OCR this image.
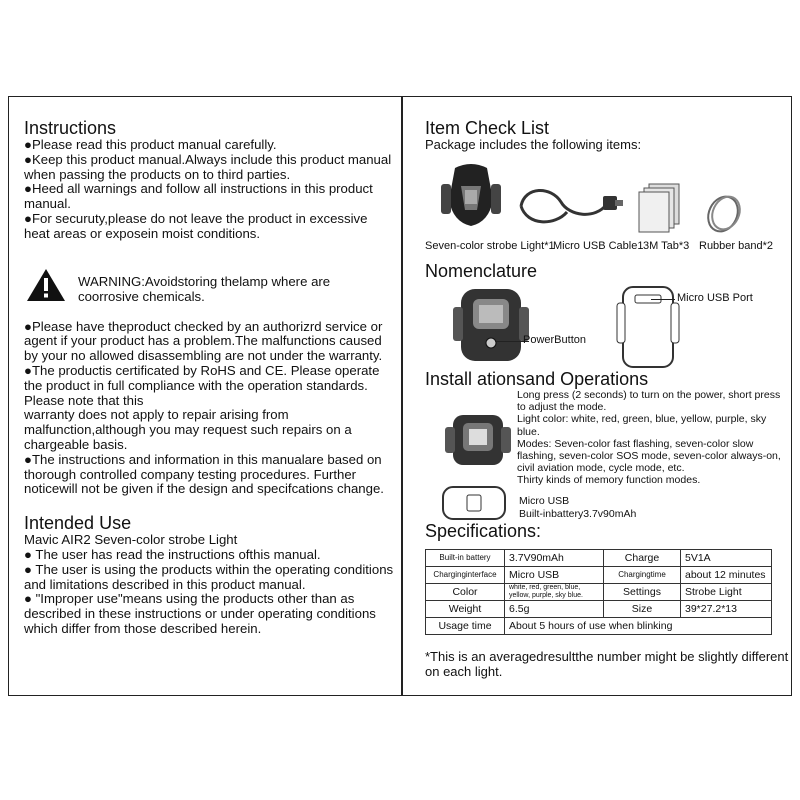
Instructions

●Please read this product manual carefully.

●Keep this product manual.Always include this product manual when passing the products on to third parties.

●Heed all warnings and follow all instructions in this product manual.

●For securuty,please do not leave the product in excessive heat areas or exposein moist conditions.

WARNING:Avoidstoring thelamp where are coorrosive chemicals.

●Please have theproduct checked by an authorizrd service or agent if your product has a problem.The malfunctions caused by your no allowed disassembling are not under the warranty.

●The productis certificated by RoHS and CE. Please operate the product in full compliance with the operation standards. Please note that this

warranty does not apply to repair arising from malfunction,although you may request such repairs on a chargeable basis.

●The instructions and information in this manualare based on thorough controlled company testing procedures. Further noticewill not be given if the design and specifcations change.

Intended Use

Mavic AIR2 Seven-color strobe Light

● The user has read the instructions ofthis manual.

● The user is using the products within the operating conditions and limitations described in this product manual.

● "Improper use"means using the products other than as described in these instructions or under operating conditions which differ from those described herein.

Item Check List

Package includes the following items:

Seven-color strobe Light*1
Micro USB Cable1 3M Tab*3 Rubber band*2
Nomenclature
PowerButton
Micro USB Port
Install ationsand Operations

Long press (2 seconds) to turn on the power, short press to adjust the mode.

Light color: white, red, green, blue, yellow, purple, sky blue.

Modes: Seven-color fast flashing, seven-color slow flashing, seven-color SOS mode, seven-color always-on, civil aviation mode, cycle mode, etc.

Thirty kinds of memory function modes.

Micro USB

Built-inbattery3.7v90mAh

Specifications:
Built-in battery	3.7V90mAh	Charge	5V1A
Charginginterface	Micro USB	Chargingtime	about 12 minutes
Color	white, red, green, blue, yellow, purple, sky blue.	Settings	Strobe Light
Weight	6.5g	Size	39*27.2*13
Usage time	About 5 hours of use when blinking		

*This is an averagedresultthe number might be slightly different on each light.
